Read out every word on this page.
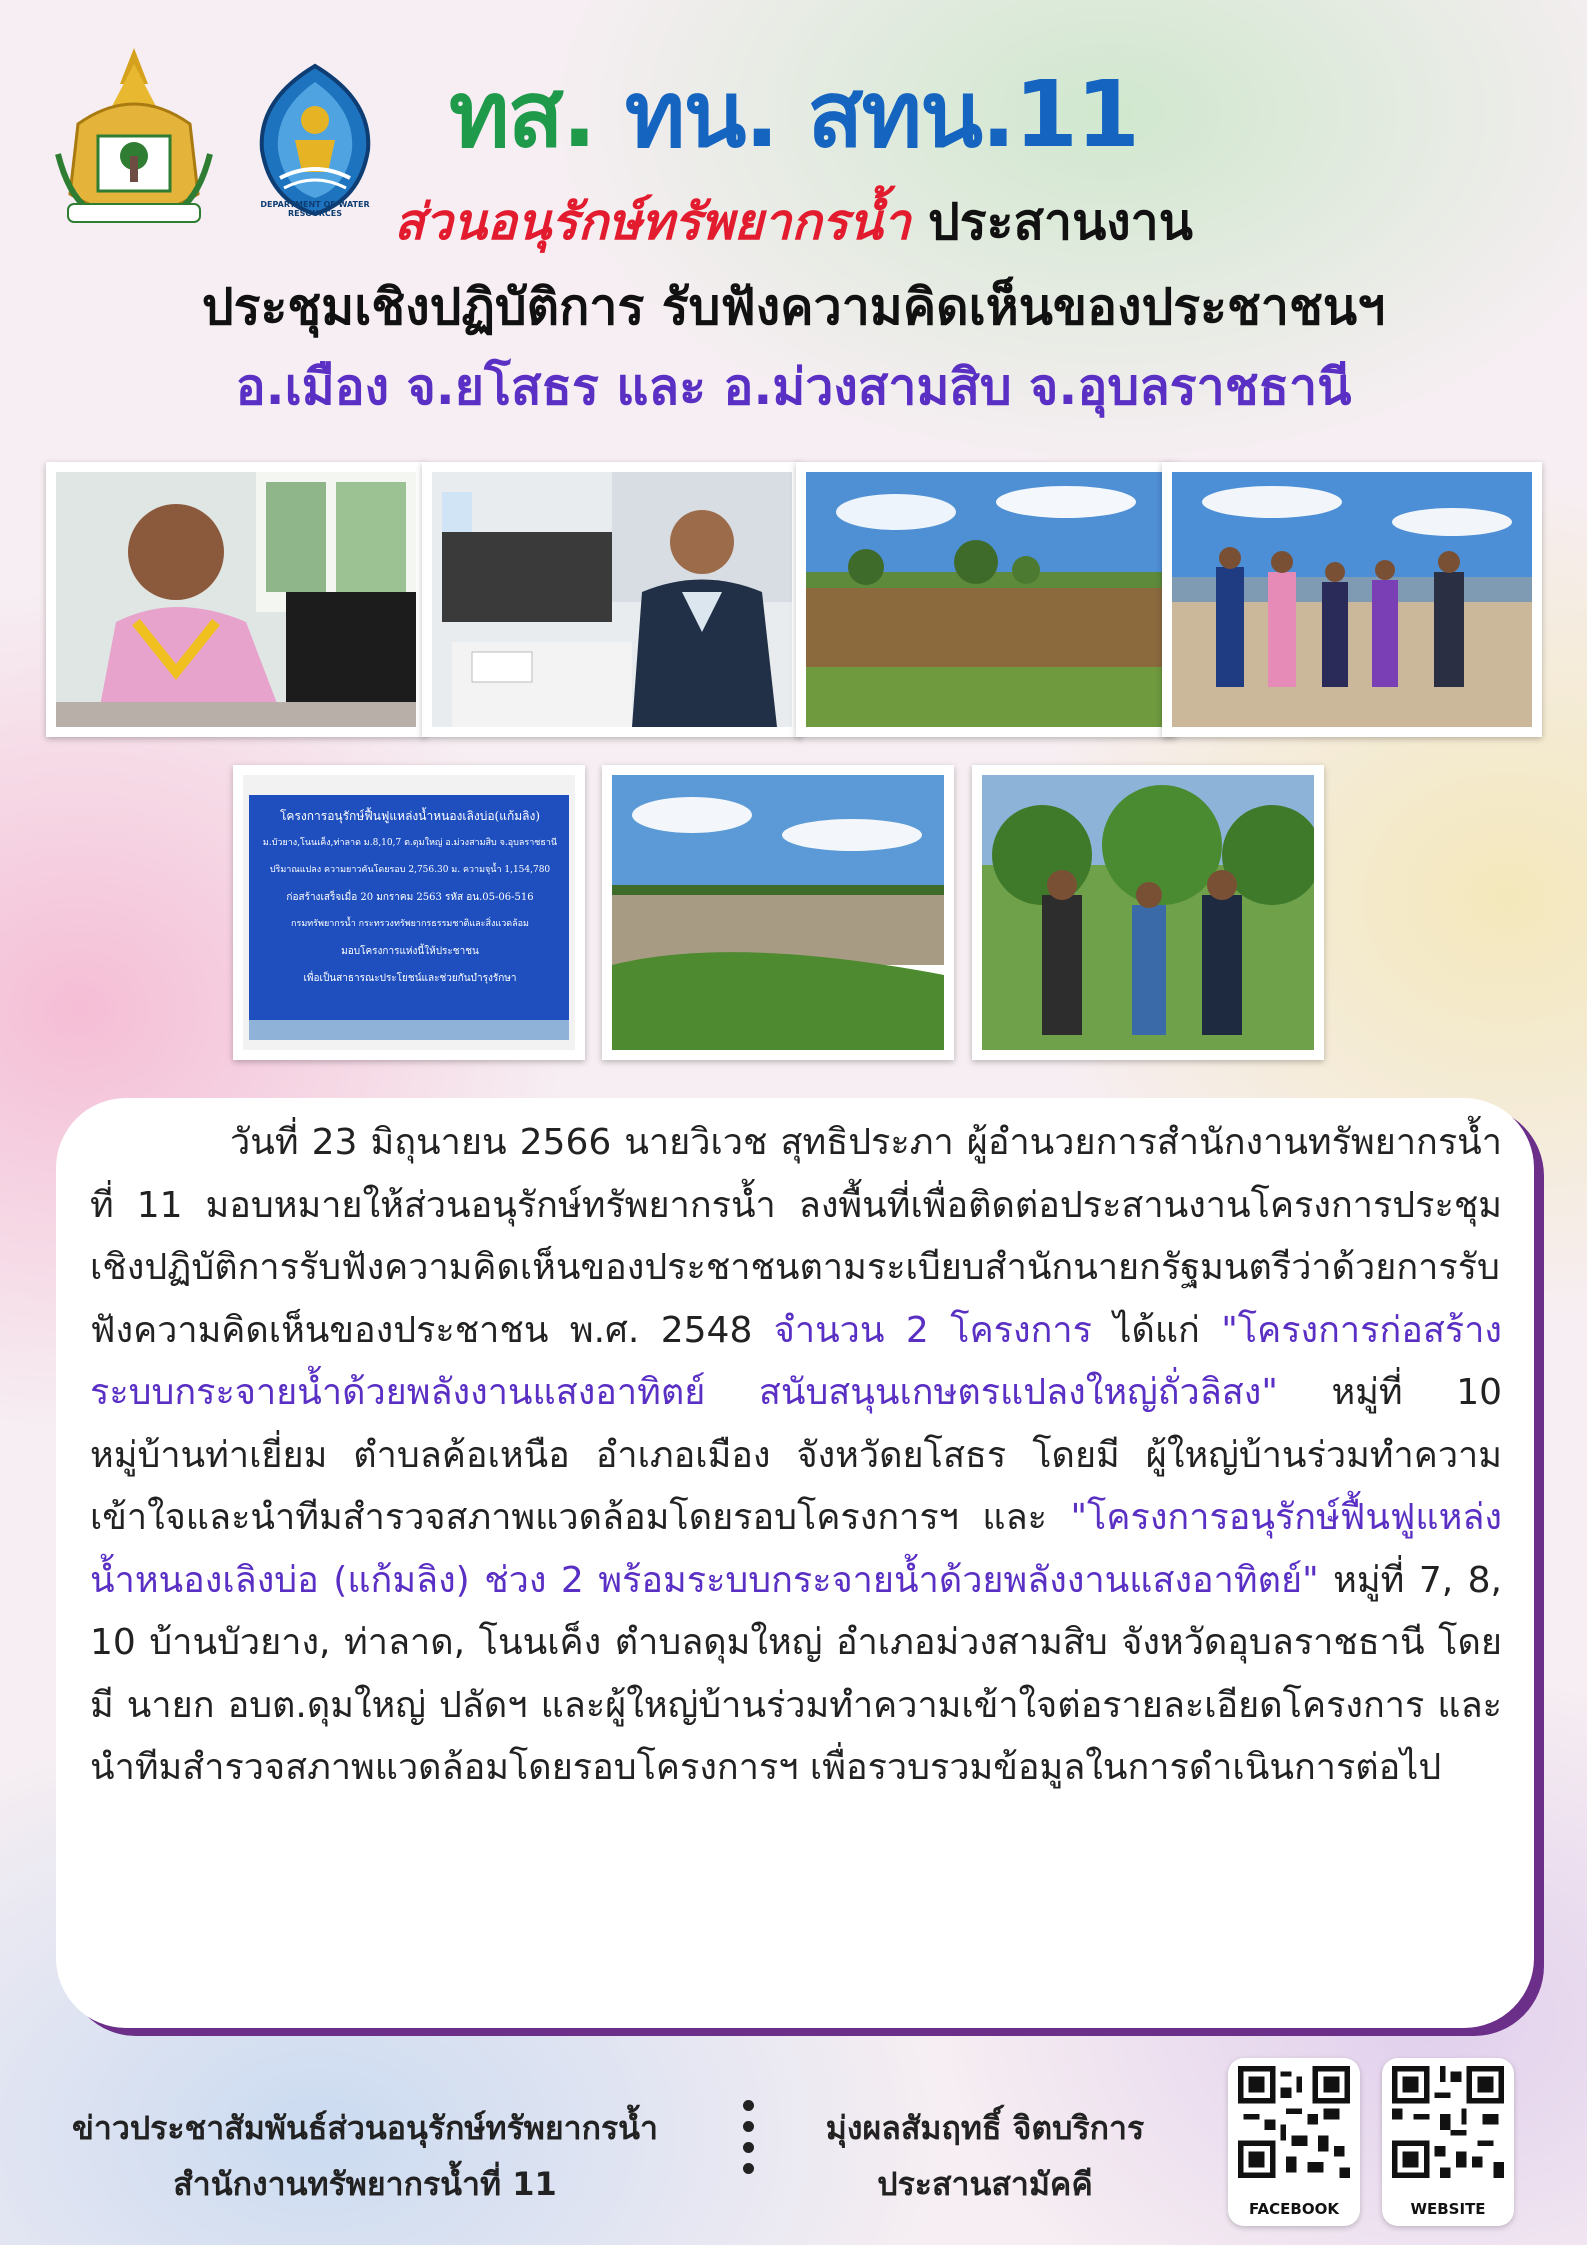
DEPARTMENT OF WATER RESOURCES
ทส. ทน. สทน.11
ส่วนอนุรักษ์ทรัพยากรน้ำ ประสานงาน
ประชุมเชิงปฏิบัติการ รับฟังความคิดเห็นของประชาชนฯ
อ.เมือง จ.ยโสธร และ อ.ม่วงสามสิบ จ.อุบลราชธานี
โครงการอนุรักษ์ฟื้นฟูแหล่งน้ำหนองเลิงบ่อ(แก้มลิง)
ม.บัวยาง,โนนเค็ง,ท่าลาด ม.8,10,7 ต.ดุมใหญ่ อ.ม่วงสามสิบ จ.อุบลราชธานี
ปริมาณแปลง ความยาวคันโดยรอบ 2,756.30 ม. ความจุน้ำ 1,154,780
ก่อสร้างเสร็จเมื่อ 20 มกราคม 2563 รหัส อน.05-06-516
กรมทรัพยากรน้ำ กระทรวงทรัพยากรธรรมชาติและสิ่งแวดล้อม
มอบโครงการแห่งนี้ให้ประชาชน
เพื่อเป็นสาธารณะประโยชน์และช่วยกันบำรุงรักษา

วันที่ 23 มิถุนายน 2566 นายวิเวช สุทธิประภา ผู้อำนวยการสำนักงานทรัพยากรน้ำที่ 11 มอบหมายให้ส่วนอนุรักษ์ทรัพยากรน้ำ ลงพื้นที่เพื่อติดต่อประสานงานโครงการประชุมเชิงปฏิบัติการรับฟังความคิดเห็นของประชาชนตามระเบียบสำนักนายกรัฐมนตรีว่าด้วยการรับฟังความคิดเห็นของประชาชน พ.ศ. 2548 จำนวน 2 โครงการ ได้แก่ "โครงการก่อสร้างระบบกระจายน้ำด้วยพลังงานแสงอาทิตย์ สนับสนุนเกษตรแปลงใหญ่ถั่วลิสง" หมู่ที่ 10 หมู่บ้านท่าเยี่ยม ตำบลค้อเหนือ อำเภอเมือง จังหวัดยโสธร โดยมี ผู้ใหญ่บ้านร่วมทำความเข้าใจและนำทีมสำรวจสภาพแวดล้อมโดยรอบโครงการฯ และ "โครงการอนุรักษ์ฟื้นฟูแหล่งน้ำหนองเลิงบ่อ (แก้มลิง) ช่วง 2 พร้อมระบบกระจายน้ำด้วยพลังงานแสงอาทิตย์" หมู่ที่ 7, 8, 10 บ้านบัวยาง, ท่าลาด, โนนเค็ง ตำบลดุมใหญ่ อำเภอม่วงสามสิบ จังหวัดอุบลราชธานี โดยมี นายก อบต.ดุมใหญ่ ปลัดฯ และผู้ใหญ่บ้านร่วมทำความเข้าใจต่อรายละเอียดโครงการ และนำทีมสำรวจสภาพแวดล้อมโดยรอบโครงการฯ เพื่อรวบรวมข้อมูลในการดำเนินการต่อไป

ข่าวประชาสัมพันธ์ส่วนอนุรักษ์ทรัพยากรน้ำ
สำนักงานทรัพยากรน้ำที่ 11
มุ่งผลสัมฤทธิ์ จิตบริการ
ประสานสามัคคี
FACEBOOK	WEBSITE
